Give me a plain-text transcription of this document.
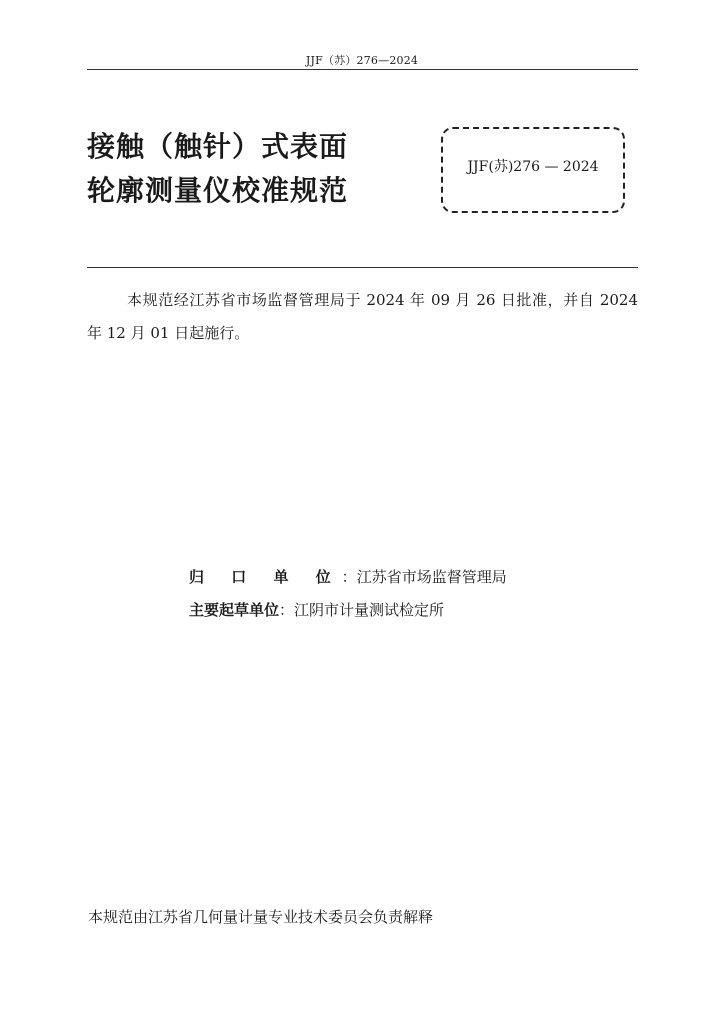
JJF（苏）276—2024
接触（触针）式表面
轮廓测量仪校准规范
JJF(苏)276 — 2024
本规范经江苏省市场监督管理局于 2024 年 09 月 26 日批准，并自 2024 年 12 月 01 日起施行。
归 口 单 位：江苏省市场监督管理局
主要起草单位：江阴市计量测试检定所
本规范由江苏省几何量计量专业技术委员会负责解释
